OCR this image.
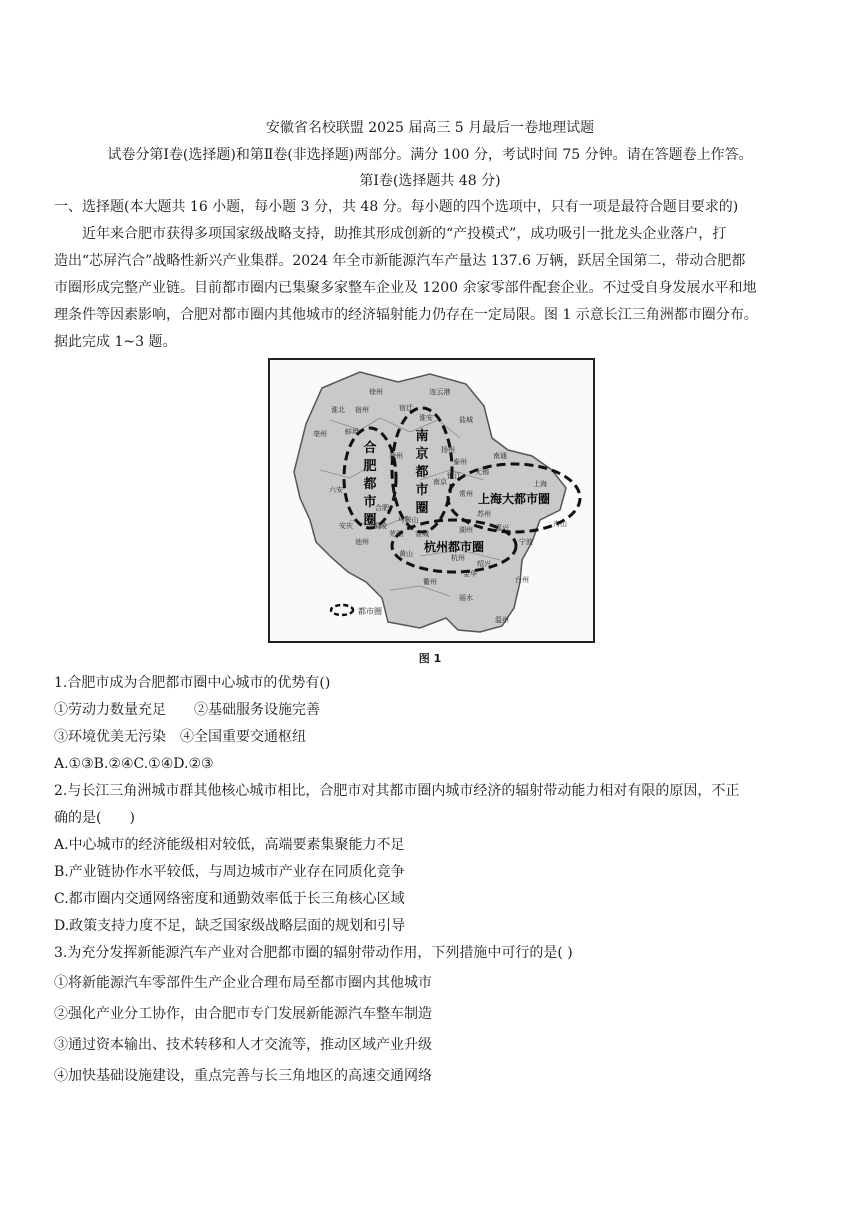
安徽省名校联盟 2025 届高三 5 月最后一卷地理试题
试卷分第Ⅰ卷(选择题)和第Ⅱ卷(非选择题)两部分。满分 100 分，考试时间 75 分钟。请在答题卷上作答。
第Ⅰ卷(选择题共 48 分)
一、选择题(本大题共 16 小题，每小题 3 分，共 48 分。每小题的四个选项中，只有一项是最符合题目要求的)
近年来合肥市获得多项国家级战略支持，助推其形成创新的“产投模式”，成功吸引一批龙头企业落户，打
造出“芯屏汽合”战略性新兴产业集群。2024 年全市新能源汽车产量达 137.6 万辆，跃居全国第二，带动合肥都
市圈形成完整产业链。目前都市圈内已集聚多家整车企业及 1200 余家零部件配套企业。不过受自身发展水平和地
理条件等因素影响，合肥对都市圈内其他城市的经济辐射能力仍存在一定局限。图 1 示意长江三角洲都市圈分布。
据此完成 1~3 题。
合
肥
都
市
圈
南
京
都
市
圈
上海大都市圈
杭州都市圈
徐州
宿迁
连云港
盐城
淮北 宿州
淮安
亳州	蚌埠
扬州
泰州
南通
六安
滁州
合肥
南京
镇江
常州
无锡
苏州
上海
马鞍山
芜湖 宣城	湖州	嘉兴
安庆
池州
铜陵
黄山	杭州
绍兴
宁波
舟山
衢州
金华
台州
丽水
温州
都市圈
图 1
1.合肥市成为合肥都市圈中心城市的优势有()
①劳动力数量充足　　②基础服务设施完善
③环境优美无污染　④全国重要交通枢纽
A.①③B.②④C.①④D.②③
2.与长江三角洲城市群其他核心城市相比，合肥市对其都市圈内城市经济的辐射带动能力相对有限的原因，不正
确的是(　　)
A.中心城市的经济能级相对较低，高端要素集聚能力不足
B.产业链协作水平较低，与周边城市产业存在同质化竞争
C.都市圈内交通网络密度和通勤效率低于长三角核心区域
D.政策支持力度不足，缺乏国家级战略层面的规划和引导
3.为充分发挥新能源汽车产业对合肥都市圈的辐射带动作用，下列措施中可行的是( )
①将新能源汽车零部件生产企业合理布局至都市圈内其他城市
②强化产业分工协作，由合肥市专门发展新能源汽车整车制造
③通过资本输出、技术转移和人才交流等，推动区域产业升级
④加快基础设施建设，重点完善与长三角地区的高速交通网络
